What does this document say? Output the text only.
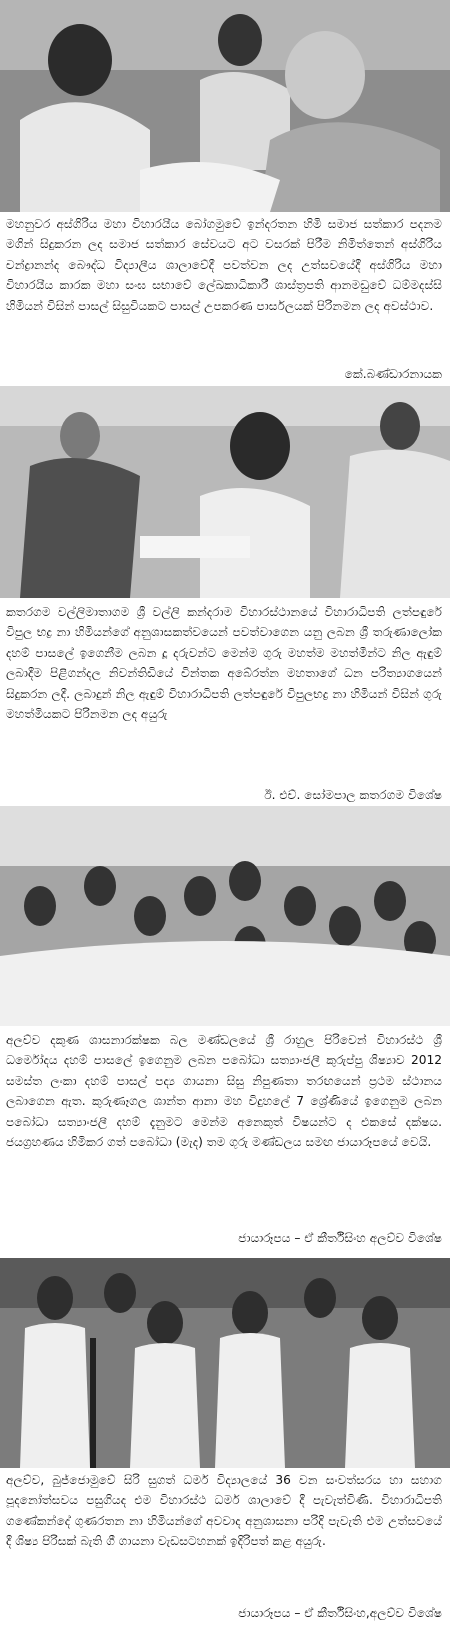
මහනුවර අස්ගිරිය මහා විහාරයීය බෝගමුවේ ඉන්දරතන හිමි සමාජ සත්කාර පදනම මගින් සිදුකරන ලද සමාජ සත්කාර සේවයට අට වසරක් පිරීම නිමිත්තෙන් අස්ගිරිය චන්ද්‍රානන්ද බෞද්ධ විද්‍යාලීය ශාලාවේදී පවත්වන ලද උත්සවයේදී අස්ගිරිය මහා විහාරයීය කාරක මහා සංඝ සභාවේ ලේඛකාධිකාරී ශාස්ත්‍රපති ආනමඩුවේ ධම්මදස්සි හිමියන් විසින් පාසල් සිසුවියකට පාසල් උපකරණ පාර්සලයක් පිරිනමන ලද අවස්ථාව.

කේ.බණ්ඩාරනායක

කතරගම වල්ලිමාතාගම ශ්‍රී වල්ලි කන්දරාම විහාරස්ථානයේ විහාරාධිපති ලත්පඳුරේ විපුල භද්‍ර නා හිමියන්ගේ අනුශාසකත්වයෙන් පවත්වාගෙන යනු ලබන ශ්‍රී තරුණාලෝක දහම් පාසලේ ඉගෙනීම ලබන දූ දරුවන්ට මෙන්ම ගුරු මහත්ම මහත්මීන්ට නිල ඇඳුම් ලබාදීම පිළිගන්දල නිවන්තිඩියේ චින්තක අබේරත්න මහතාගේ ධන පරිත්‍යාගයෙන් සිදුකරන ලදී. ලබාදුන් නිල ඇඳුම් විහාරාධිපති ලත්පඳුරේ විපුලභද්‍ර නා හිමියන් විසින් ගුරු මහත්මියකට පිරිනමන ලද අයුරු

ඊ. එච්. සෝමපාල කතරගම විශේෂ

අලව්ව දකුණ ශාසනාරක්ෂක බල මණ්ඩලයේ ශ්‍රී රාහුල පිරිවෙන් විහාරස්ථ ශ්‍රී ධර්මෝදය දහම් පාසලේ ඉගෙනුම ලබන පබෝධා සත්‍යාංජලී කුරුප්පු ශිෂ්‍යාව 2012 සමස්ත ලංකා දහම් පාසල් පද්‍ය ගායනා සිසු නිපුණතා තරඟයෙන් ප්‍රථම ස්ථානය ලබාගෙන ඇත. කුරුණෑගල ශාන්ත ආනා මහ විදුහලේ 7 ශ්‍රේණියේ ඉගෙනුම ලබන පබෝධා සත්‍යාංජලී දහම් දැනුමට මෙන්ම අනෙකුත් විෂයන්ට ද එකසේ දක්ෂය. ජයග්‍රහණය හිමිකර ගත් පබෝධා (මැද) තම ගුරු මණ්ඩලය සමඟ ජායාරූපයේ වෙයි.

ජායාරූපය – ඒ කීර්තිසිංහ අලව්ව විශේෂ

අලව්ව, බුජ්ජොමුවේ සිරි සුගත් ධර්ම විද්‍යාලයේ 36 වන සංවත්සරය හා සහාග පූදනෝත්සවය පසුගියද එම විහාරස්ථ ධර්ම ශාලාවේ දී පැවැත්විණි. විහාරාධිපති ගණේකන්දේ ගුණරතන නා හිමියන්ගේ අවවාද අනුශාසනා පරිදි පැවැති එම උත්සවයේ දී ශිෂ්‍ය පිරිසක් බැති ගී ගායනා වැඩසටහනක් ඉදිරිපත් කළ අයුරු.

ජායාරූපය – ඒ කීර්තිසිංහ,අලව්ව විශේෂ
